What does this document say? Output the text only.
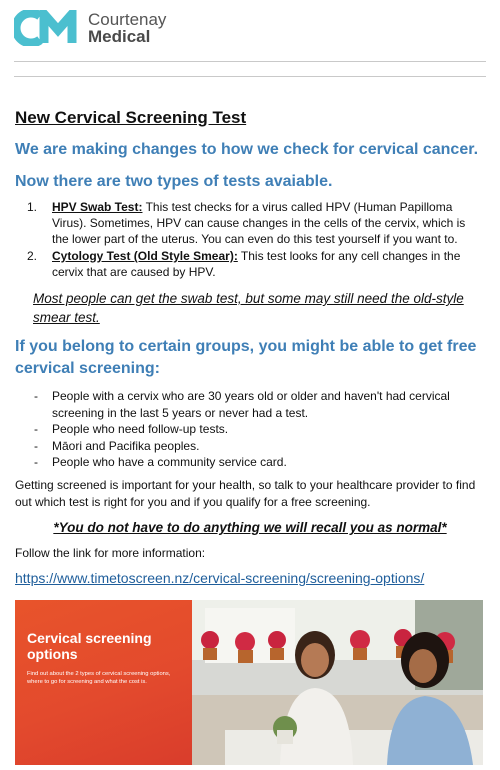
Courtenay
Medical
New Cervical Screening Test
We are making changes to how we check for cervical cancer.
Now there are two types of tests avaiable.
1.	HPV Swab Test: This test checks for a virus called HPV (Human Papilloma Virus). Sometimes, HPV can cause changes in the cells of the cervix, which is the lower part of the uterus. You can even do this test yourself if you want to.
2.	Cytology Test (Old Style Smear): This test looks for any cell changes in the cervix that are caused by HPV.

Most people can get the swab test, but some may still need the old-style smear test.

If you belong to certain groups, you might be able to get free cervical screening:
-	People with a cervix who are 30 years old or older and haven't had cervical screening in the last 5 years or never had a test.
-	People who need follow-up tests.
-	Māori and Pacifika peoples.
-	People who have a community service card.

Getting screened is important for your health, so talk to your healthcare provider to find out which test is right for you and if you qualify for a free screening.

*You do not have to do anything we will recall you as normal*

Follow the link for more information:

https://www.timetoscreen.nz/cervical-screening/screening-options/

Cervical screening options

Find out about the 2 types of cervical screening options, where to go for screening and what the cost is.
